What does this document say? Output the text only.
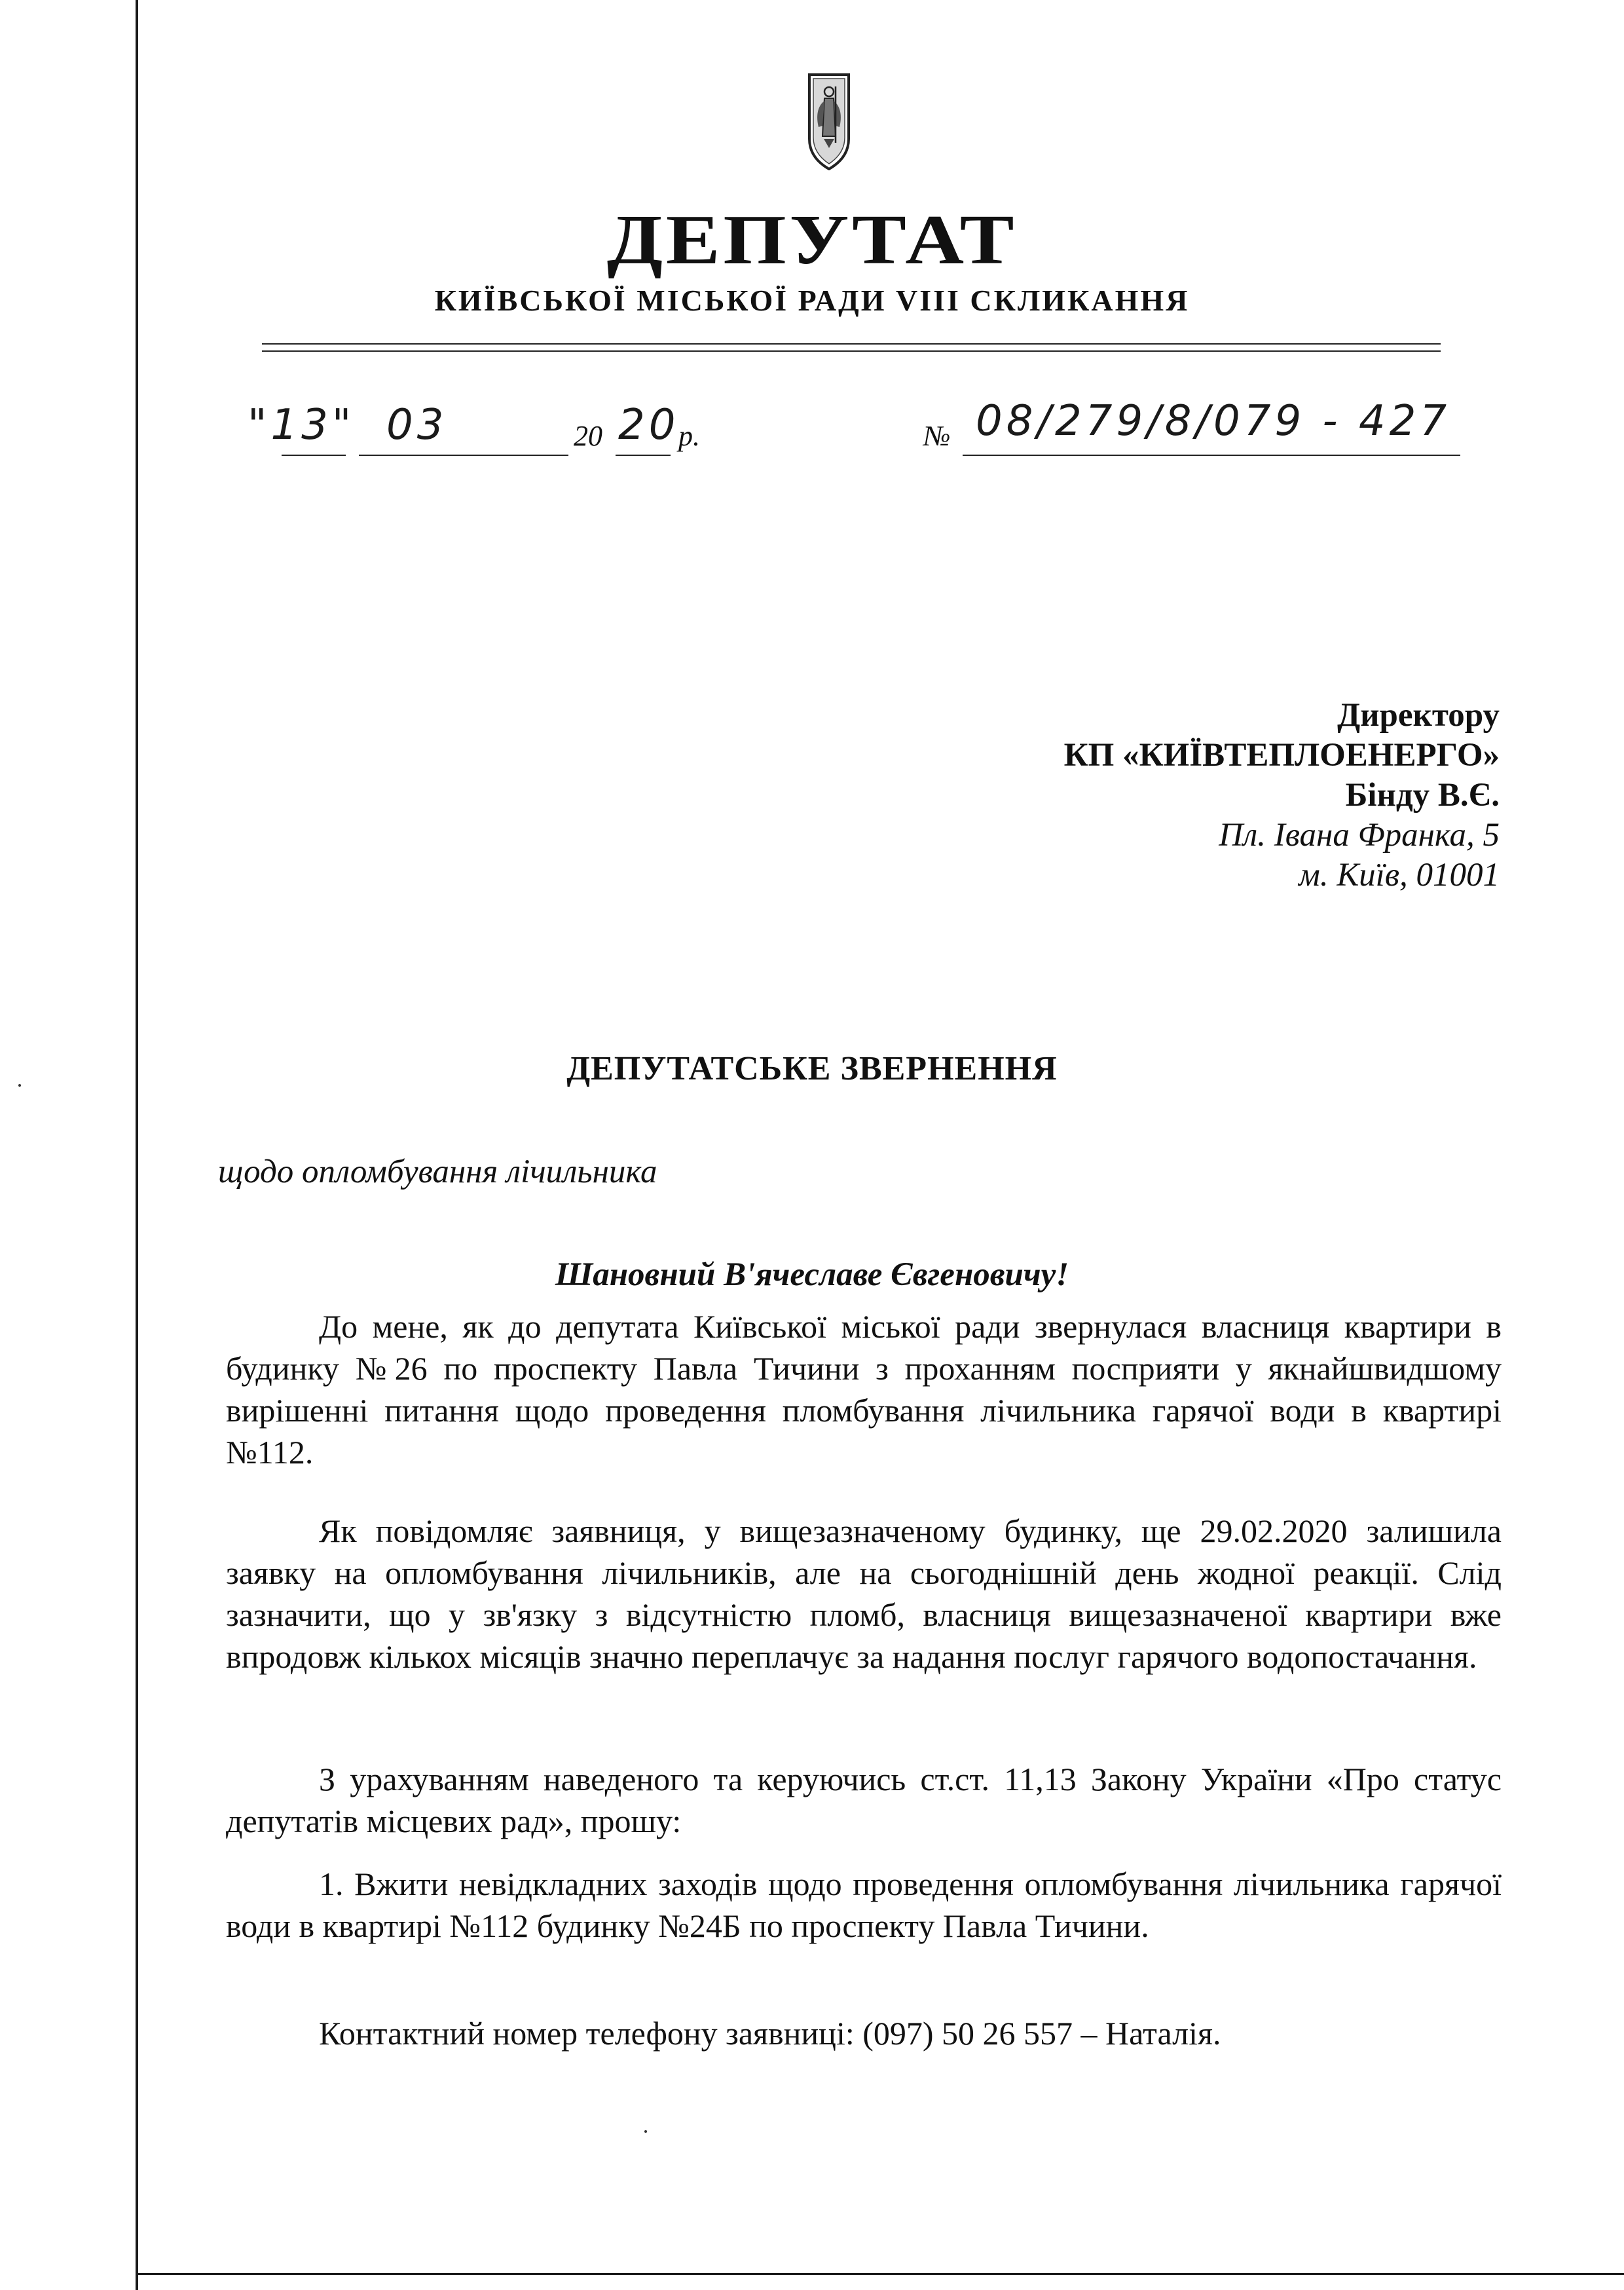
ДЕПУТАТ
КИЇВСЬКОЇ МІСЬКОЇ РАДИ VIII СКЛИКАННЯ
"13" 03	20 20
р.	№ 08/279/8/079 - 427
Директору
КП «КИЇВТЕПЛОЕНЕРГО»
Бінду В.Є.
Пл. Івана Франка, 5
м. Київ, 01001
ДЕПУТАТСЬКЕ ЗВЕРНЕННЯ
щодо опломбування лічильника
Шановний В'ячеславе Євгеновичу!

До мене, як до депутата Київської міської ради звернулася власниця квартири в будинку №26 по проспекту Павла Тичини з проханням посприяти у якнайшвидшому вирішенні питання щодо проведення пломбування лічильника гарячої води в квартирі №112.

Як повідомляє заявниця, у вищезазначеному будинку, ще 29.02.2020 залишила заявку на опломбування лічильників, але на сьогоднішній день жодної реакції. Слід зазначити, що у зв'язку з відсутністю пломб, власниця вищезазначеної квартири вже впродовж кількох місяців значно переплачує за надання послуг гарячого водопостачання.

З урахуванням наведеного та керуючись ст.ст. 11,13 Закону України «Про статус депутатів місцевих рад», прошу:

1. Вжити невідкладних заходів щодо проведення опломбування лічильника гарячої води в квартирі №112 будинку №24Б по проспекту Павла Тичини.

Контактний номер телефону заявниці: (097) 50 26 557 – Наталія.
